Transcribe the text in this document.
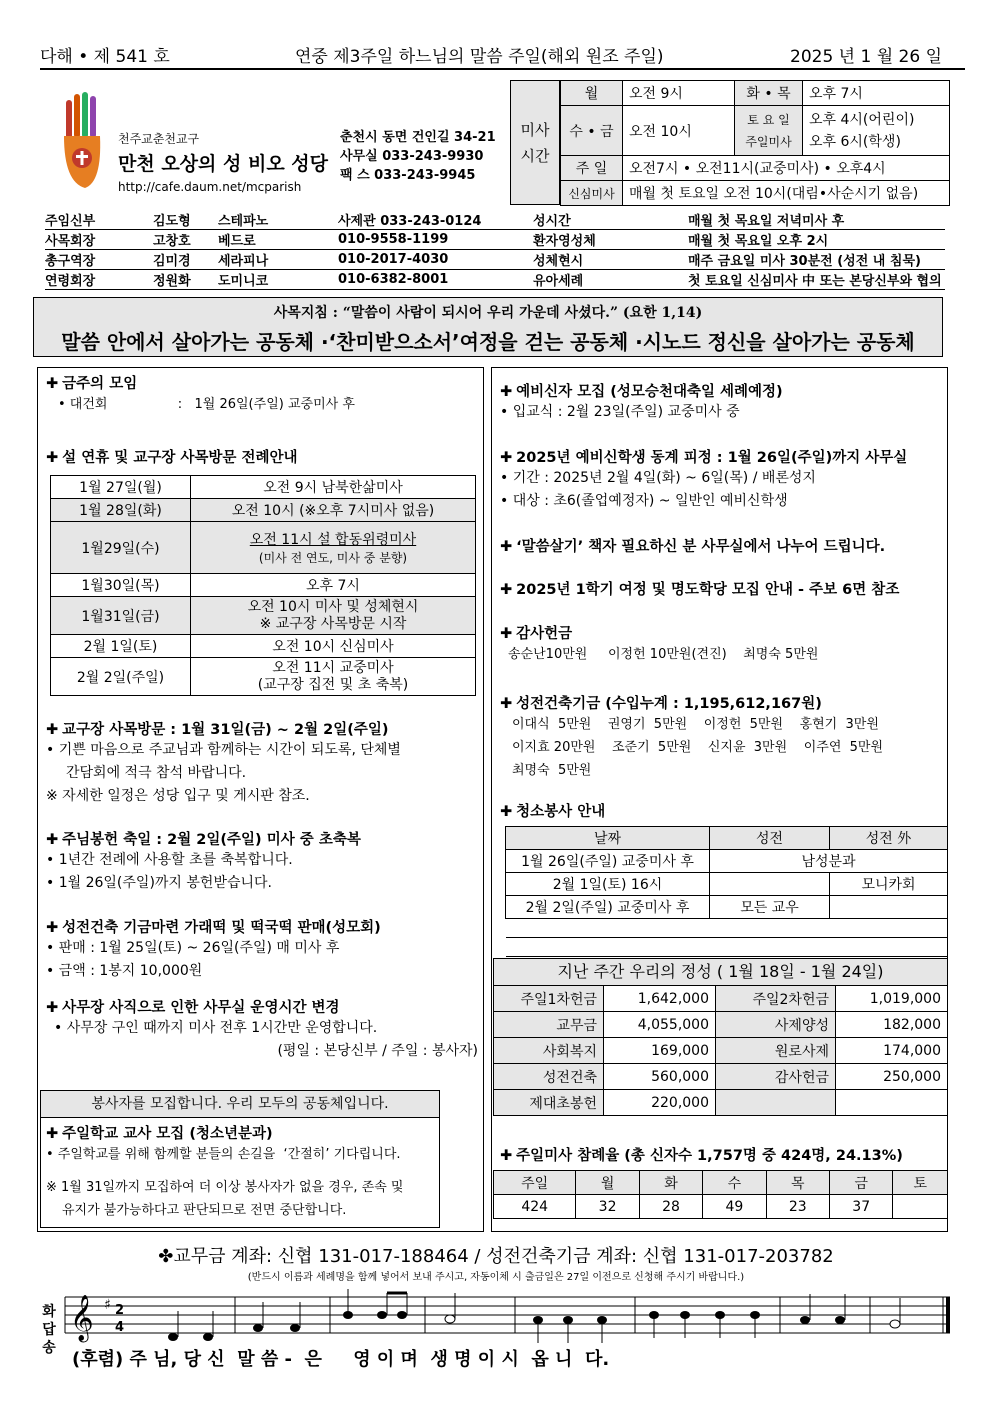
다해 • 제 541 호	연중 제3주일 하느님의 말씀 주일(해외 원조 주일)	2025 년 1 월 26 일
천주교춘천교구
만천 오상의 성 비오 성당
http://cafe.daum.net/mcparish
춘천시 동면 건인길 34-21
사무실 033-243-9930
팩 스 033-243-9945
미사 시간
월	오전 9시	화 • 목	오후 7시
수 • 금	오전 10시	토 요 일 주일미사	오후 4시(어린이)
오후 6시(학생)

주 일	오전7시 • 오전11시(교중미사) • 오후4시		
신심미사	매월 첫 토요일 오전 10시(대림•사순시기 없음)		
주임신부	김도형	스테파노	사제관 033-243-0124	성시간	매월 첫 목요일 저녁미사 후
사목회장	고창호	베드로	010-9558-1199	환자영성체	매월 첫 목요일 오후 2시
총구역장	김미경	세라피나	010-2017-4030	성체현시	매주 금요일 미사 30분전 (성전 내 침묵)
연령회장	정원화	도미니코	010-6382-8001	유아세례	첫 토요일 신심미사 中 또는 본당신부와 협의
사목지침 : “말씀이 사람이 되시어 우리 가운데 사셨다.” (요한 1,14)
말씀 안에서 살아가는 공동체 ·‘찬미받으소서’여정을 걷는 공동체 ·시노드 정신을 살아가는 공동체
✚ 금주의 모임
• 대건회                 :   1월 26일(주일) 교중미사 후
✚ 설 연휴 및 교구장 사목방문 전례안내
1월 27일(월)	오전 9시 남북한삶미사
1월 28일(화)	오전 10시 (※오후 7시미사 없음)
1월29일(수)	오전 11시 설 합동위령미사
(미사 전 연도, 미사 중 분향)

1월30일(목)	오후 7시
1월31일(금)	오전 10시 미사 및 성체현시
※ 교구장 사목방문 시작

2월 1일(토)	오전 10시 신심미사
2월 2일(주일)	오전 11시 교중미사
(교구장 집전 및 초 축복)
✚ 교구장 사목방문 : 1월 31일(금) ~ 2월 2일(주일)
• 기쁜 마음으로 주교님과 함께하는 시간이 되도록, 단체별
간담회에 적극 참석 바랍니다.
※ 자세한 일정은 성당 입구 및 게시판 참조.
✚ 주님봉헌 축일 : 2월 2일(주일) 미사 중 초축복
• 1년간 전례에 사용할 초를 축복합니다.
• 1월 26일(주일)까지 봉헌받습니다.
✚ 성전건축 기금마련 가래떡 및 떡국떡 판매(성모회)
• 판매 : 1월 25일(토) ~ 26일(주일) 매 미사 후
• 금액 : 1봉지 10,000원
✚ 사무장 사직으로 인한 사무실 운영시간 변경
• 사무장 구인 때까지 미사 전후 1시간만 운영합니다.
(평일 : 본당신부 / 주일 : 봉사자)
봉사자를 모집합니다. 우리 모두의 공동체입니다.
✚ 주일학교 교사 모집 (청소년분과)
• 주일학교를 위해 함께할 분들의 손길을  ‘간절히’ 기다립니다.
※ 1월 31일까지 모집하여 더 이상 봉사자가 없을 경우, 존속 및
유지가 불가능하다고 판단되므로 전면 중단합니다.
✚ 예비신자 모집 (성모승천대축일 세례예정)
• 입교식 : 2월 23일(주일) 교중미사 중
✚ 2025년 예비신학생 동계 피정 : 1월 26일(주일)까지 사무실
• 기간 : 2025년 2월 4일(화) ~ 6일(목) / 배론성지
• 대상 : 초6(졸업예정자) ~ 일반인 예비신학생
✚ ‘말씀살기’ 책자 필요하신 분 사무실에서 나누어 드립니다.
✚ 2025년 1학기 여정 및 명도학당 모집 안내 - 주보 6면 참조
✚ 감사헌금
송순난10만원     이정헌 10만원(견진)    최명숙 5만원
✚ 성전건축기금 (수입누계 : 1,195,612,167원)
이대식  5만원    권영기  5만원    이정헌  5만원    홍현기  3만원
이지효 20만원    조준기  5만원    신지윤  3만원    이주연  5만원
최명숙  5만원
✚ 청소봉사 안내
날짜	성전	성전 外
1월 26일(주일) 교중미사 후	남성분과	
2월 1일(토) 16시		모니카회
2월 2일(주일) 교중미사 후	모든 교우	

지난 주간 우리의 정성 ( 1월 18일 - 1월 24일)
주일1차헌금	1,642,000	주일2차헌금	1,019,000
교무금	4,055,000	사제양성	182,000
사회복지	169,000	원로사제	174,000
성전건축	560,000	감사헌금	250,000
제대초봉헌	220,000		
✚ 주일미사 참례율 (총 신자수 1,757명 중 424명, 24.13%)
주일	월	화	수	목	금	토
424	32	28	49	23	37	
✤교무금 계좌: 신협 131-017-188464 / 성전건축기금 계좌: 신협 131-017-203782
(반드시 이름과 세례명을 함께 넣어서 보내 주시고, 자동이체 시 출금일은 27일 이전으로 신청해 주시기 바랍니다.)
화답송
𝄞 ♯ 2
4
(후렴) 주 님, 당 신  말 씀 -  은     영 이 며  생 명 이 시  옵 니  다.
